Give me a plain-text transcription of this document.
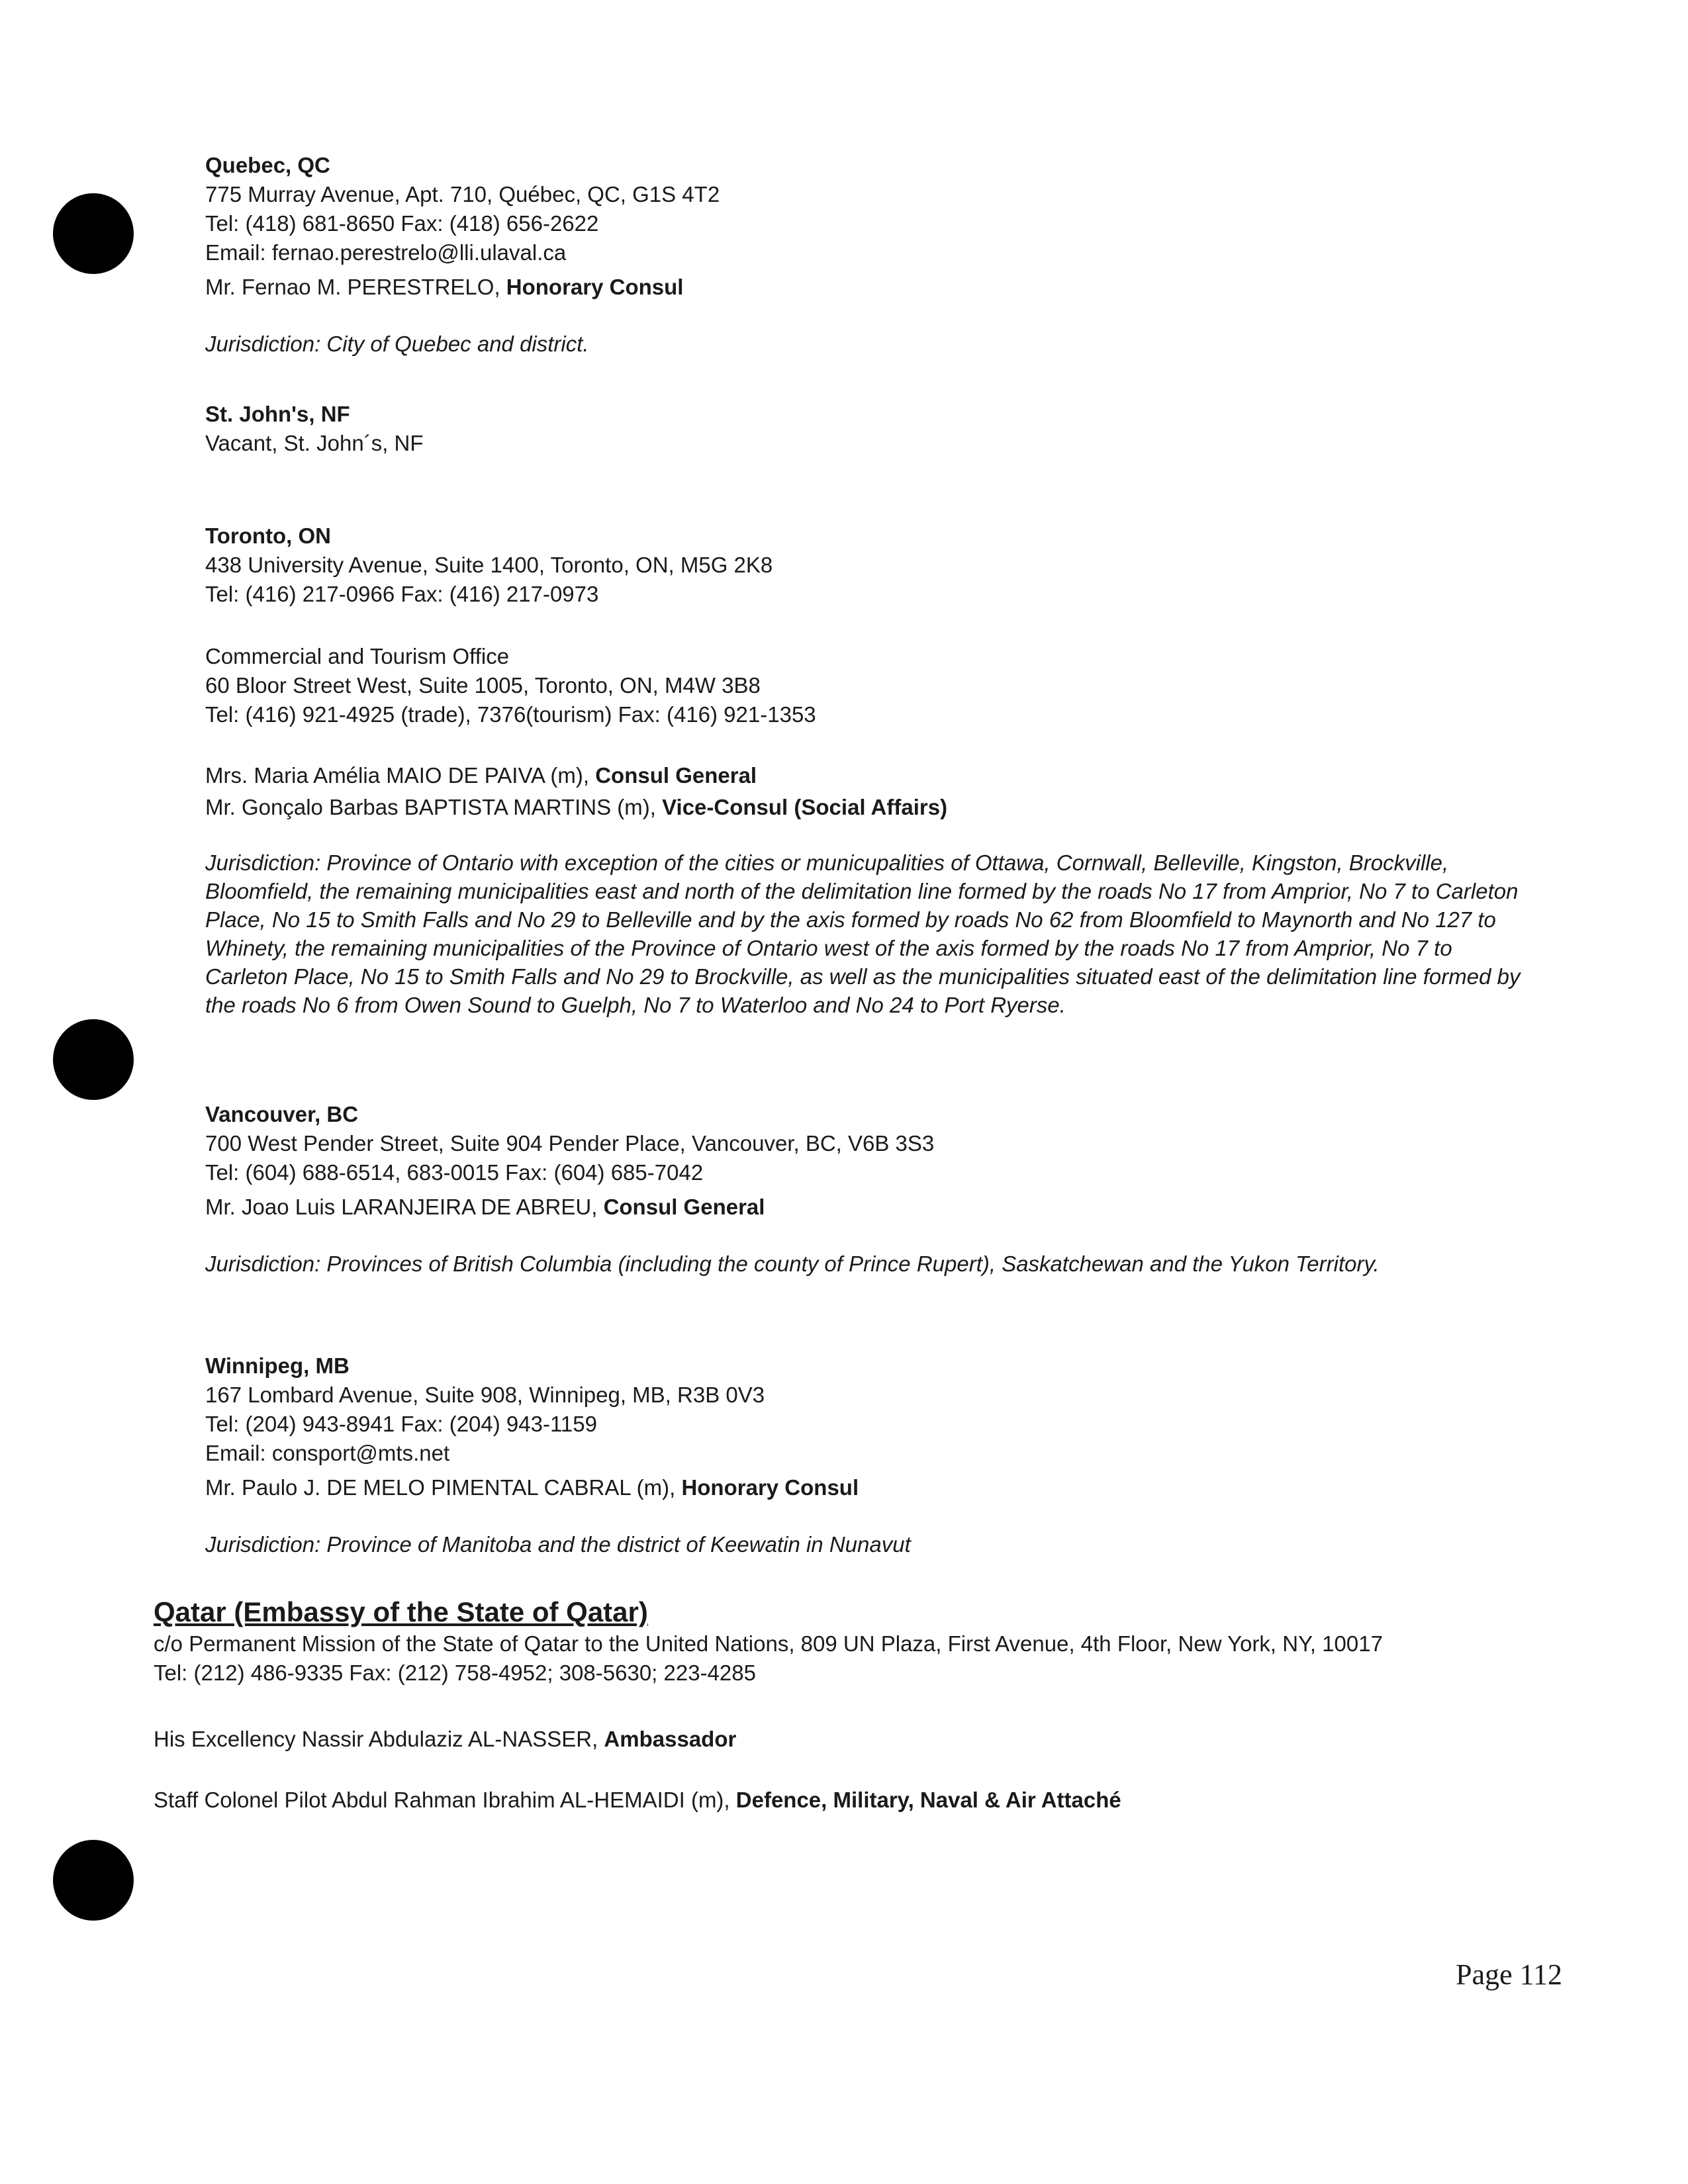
Quebec, QC

775 Murray Avenue, Apt. 710, Québec, QC, G1S 4T2

Tel: (418) 681-8650 Fax: (418) 656-2622

Email: fernao.perestrelo@lli.ulaval.ca

Mr. Fernao M. PERESTRELO, Honorary Consul

Jurisdiction: City of Quebec and district.

St. John's, NF

Vacant, St. John´s, NF

Toronto, ON

438 University Avenue, Suite 1400, Toronto, ON, M5G 2K8

Tel: (416) 217-0966 Fax: (416) 217-0973

Commercial and Tourism Office

60 Bloor Street West, Suite 1005, Toronto, ON, M4W 3B8

Tel: (416) 921-4925 (trade), 7376(tourism) Fax: (416) 921-1353

Mrs. Maria Amélia MAIO DE PAIVA (m), Consul General

Mr. Gonçalo Barbas BAPTISTA MARTINS (m), Vice-Consul (Social Affairs)

Jurisdiction: Province of Ontario with exception of the cities or municupalities of Ottawa, Cornwall, Belleville, Kingston, Brockville, Bloomfield, the remaining municipalities east and north of the delimitation line formed by the roads No 17 from Amprior, No 7 to Carleton Place, No 15 to Smith Falls and No 29 to Belleville and by the axis formed by roads No 62 from Bloomfield to Maynorth and No 127 to Whinety, the remaining municipalities of the Province of Ontario west of the axis formed by the roads No 17 from Amprior, No 7 to Carleton Place, No 15 to Smith Falls and No 29 to Brockville, as well as the municipalities situated east of the delimitation line formed by the roads No 6 from Owen Sound to Guelph, No 7 to Waterloo and No 24 to Port Ryerse.

Vancouver, BC

700 West Pender Street, Suite 904 Pender Place, Vancouver, BC, V6B 3S3

Tel: (604) 688-6514, 683-0015 Fax: (604) 685-7042

Mr. Joao Luis LARANJEIRA DE ABREU, Consul General

Jurisdiction: Provinces of British Columbia (including the county of Prince Rupert), Saskatchewan and the Yukon Territory.

Winnipeg, MB

167 Lombard Avenue, Suite 908, Winnipeg, MB, R3B 0V3

Tel: (204) 943-8941 Fax: (204) 943-1159

Email: consport@mts.net

Mr. Paulo J. DE MELO PIMENTAL CABRAL (m), Honorary Consul

Jurisdiction: Province of Manitoba and the district of Keewatin in Nunavut

Qatar (Embassy of the State of Qatar)

c/o Permanent Mission of the State of Qatar to the United Nations, 809 UN Plaza, First Avenue, 4th Floor, New York, NY, 10017

Tel: (212) 486-9335 Fax: (212) 758-4952; 308-5630; 223-4285

His Excellency Nassir Abdulaziz AL-NASSER, Ambassador

Staff Colonel Pilot Abdul Rahman Ibrahim AL-HEMAIDI (m), Defence, Military, Naval & Air Attaché

Page 112
